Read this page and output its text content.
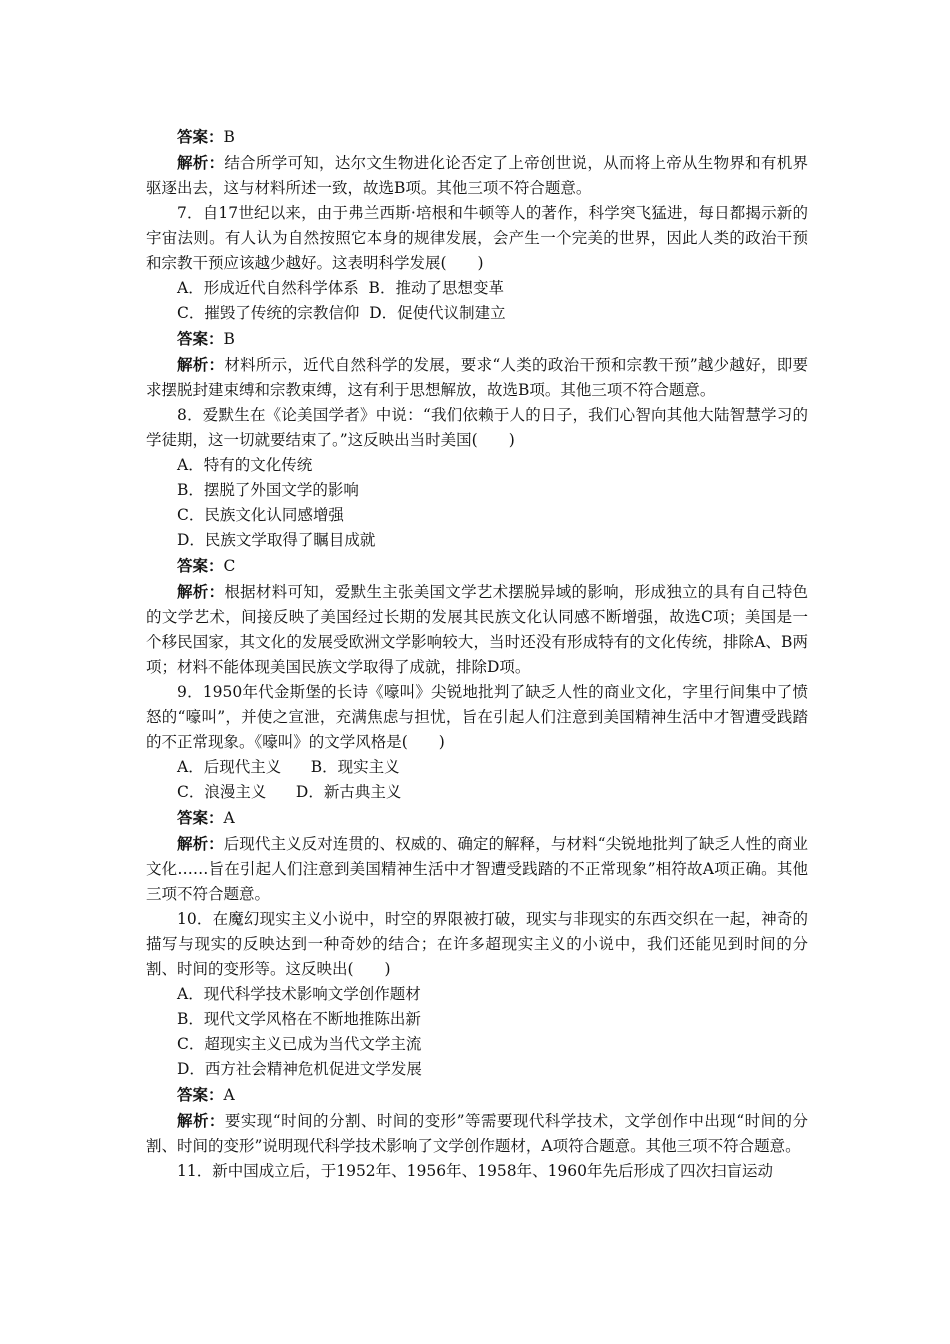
答案：B

解析：结合所学可知，达尔文生物进化论否定了上帝创世说，从而将上帝从生物界和有机界驱逐出去，这与材料所述一致，故选B项。其他三项不符合题意。

7．自17世纪以来，由于弗兰西斯·培根和牛顿等人的著作，科学突飞猛进，每日都揭示新的宇宙法则。有人认为自然按照它本身的规律发展，会产生一个完美的世界，因此人类的政治干预和宗教干预应该越少越好。这表明科学发展(　　)

A．形成近代自然科学体系  B．推动了思想变革

C．摧毁了传统的宗教信仰  D．促使代议制建立

答案：B

解析：材料所示，近代自然科学的发展，要求“人类的政治干预和宗教干预”越少越好，即要求摆脱封建束缚和宗教束缚，这有利于思想解放，故选B项。其他三项不符合题意。

8．爱默生在《论美国学者》中说：“我们依赖于人的日子，我们心智向其他大陆智慧学习的学徒期，这一切就要结束了。”这反映出当时美国(　　)

A．特有的文化传统

B．摆脱了外国文学的影响

C．民族文化认同感增强

D．民族文学取得了瞩目成就

答案：C

解析：根据材料可知，爱默生主张美国文学艺术摆脱异域的影响，形成独立的具有自己特色的文学艺术，间接反映了美国经过长期的发展其民族文化认同感不断增强，故选C项；美国是一个移民国家，其文化的发展受欧洲文学影响较大，当时还没有形成特有的文化传统，排除A、B两项；材料不能体现美国民族文学取得了成就，排除D项。

9．1950年代金斯堡的长诗《嚎叫》尖锐地批判了缺乏人性的商业文化，字里行间集中了愤怒的“嚎叫”，并使之宣泄，充满焦虑与担忧，旨在引起人们注意到美国精神生活中才智遭受践踏的不正常现象。《嚎叫》的文学风格是(　　)

A．后现代主义      B．现实主义

C．浪漫主义      D．新古典主义

答案：A

解析：后现代主义反对连贯的、权威的、确定的解释，与材料“尖锐地批判了缺乏人性的商业文化……旨在引起人们注意到美国精神生活中才智遭受践踏的不正常现象”相符故A项正确。其他三项不符合题意。

10．在魔幻现实主义小说中，时空的界限被打破，现实与非现实的东西交织在一起，神奇的描写与现实的反映达到一种奇妙的结合；在许多超现实主义的小说中，我们还能见到时间的分割、时间的变形等。这反映出(　　)

A．现代科学技术影响文学创作题材

B．现代文学风格在不断地推陈出新

C．超现实主义已成为当代文学主流

D．西方社会精神危机促进文学发展

答案：A

解析：要实现“时间的分割、时间的变形”等需要现代科学技术，文学创作中出现“时间的分割、时间的变形”说明现代科学技术影响了文学创作题材，A项符合题意。其他三项不符合题意。

11．新中国成立后，于1952年、1956年、1958年、1960年先后形成了四次扫盲运动
